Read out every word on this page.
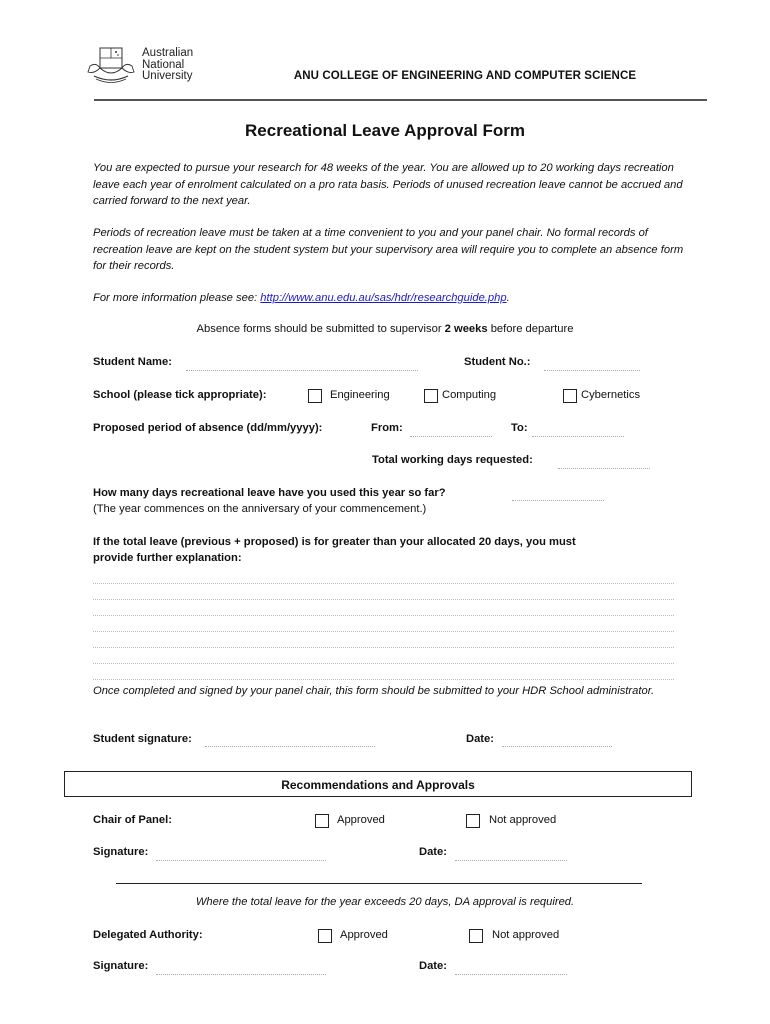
Australian
National
University	ANU COLLEGE OF ENGINEERING AND COMPUTER SCIENCE
Recreational Leave Approval Form
You are expected to pursue your research for 48 weeks of the year. You are allowed up to 20 working days recreation leave each year of enrolment calculated on a pro rata basis. Periods of unused recreation leave cannot be accrued and carried forward to the next year.
Periods of recreation leave must be taken at a time convenient to you and your panel chair. No formal records of recreation leave are kept on the student system but your supervisory area will require you to complete an absence form for their records.
For more information please see: http://www.anu.edu.au/sas/hdr/researchguide.php.
Absence forms should be submitted to supervisor 2 weeks before departure
Student Name:	Student No.:
School (please tick appropriate):	Engineering	Computing	Cybernetics
Proposed period of absence (dd/mm/yyyy):	From:	To:
Total working days requested:
How many days recreational leave have you used this year so far?
(The year commences on the anniversary of your commencement.)
If the total leave (previous + proposed) is for greater than your allocated 20 days, you must
provide further explanation:
Once completed and signed by your panel chair, this form should be submitted to your HDR School administrator.
Student signature:	Date:
Recommendations and Approvals
Chair of Panel:	Approved	Not approved
Signature:	Date:
Where the total leave for the year exceeds 20 days, DA approval is required.
Delegated Authority:	Approved	Not approved
Signature:	Date:
